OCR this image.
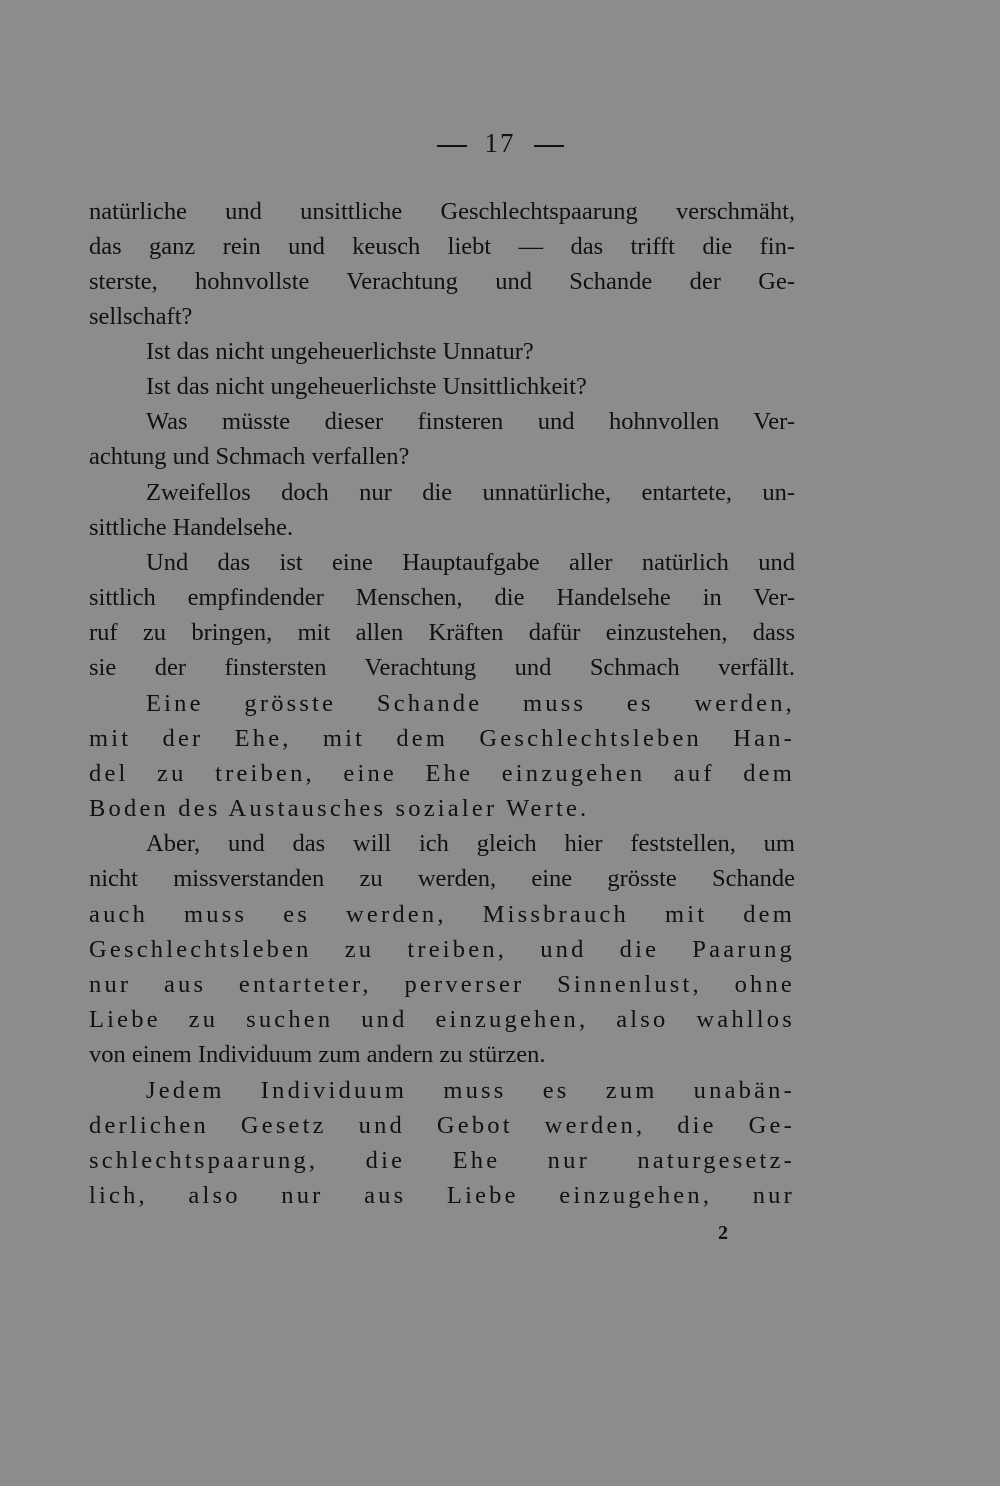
17
natürliche und unsittliche Geschlechtspaarung verschmäht,
das ganz rein und keusch liebt — das trifft die fin-
sterste, hohnvollste Verachtung und Schande der Ge-
sellschaft?
Ist das nicht ungeheuerlichste Unnatur?
Ist das nicht ungeheuerlichste Unsittlichkeit?
Was müsste dieser finsteren und hohnvollen Ver-
achtung und Schmach verfallen?
Zweifellos doch nur die unnatürliche, entartete, un-
sittliche Handelsehe.
Und das ist eine Hauptaufgabe aller natürlich und
sittlich empfindender Menschen, die Handelsehe in Ver-
ruf zu bringen, mit allen Kräften dafür einzustehen, dass
sie der finstersten Verachtung und Schmach verfällt.
Eine grösste Schande muss es werden,
mit der Ehe, mit dem Geschlechtsleben Han-
del zu treiben, eine Ehe einzugehen auf dem
Boden des Austausches sozialer Werte.
Aber, und das will ich gleich hier feststellen, um
nicht missverstanden zu werden, eine grösste Schande
auch muss es werden, Missbrauch mit dem
Geschlechtsleben zu treiben, und die Paarung
nur aus entarteter, perverser Sinnenlust, ohne
Liebe zu suchen und einzugehen, also wahllos
von einem Individuum zum andern zu stürzen.
Jedem Individuum muss es zum unabän-
derlichen Gesetz und Gebot werden, die Ge-
schlechtspaarung, die Ehe nur naturgesetz-
lich, also nur aus Liebe einzugehen, nur
2
